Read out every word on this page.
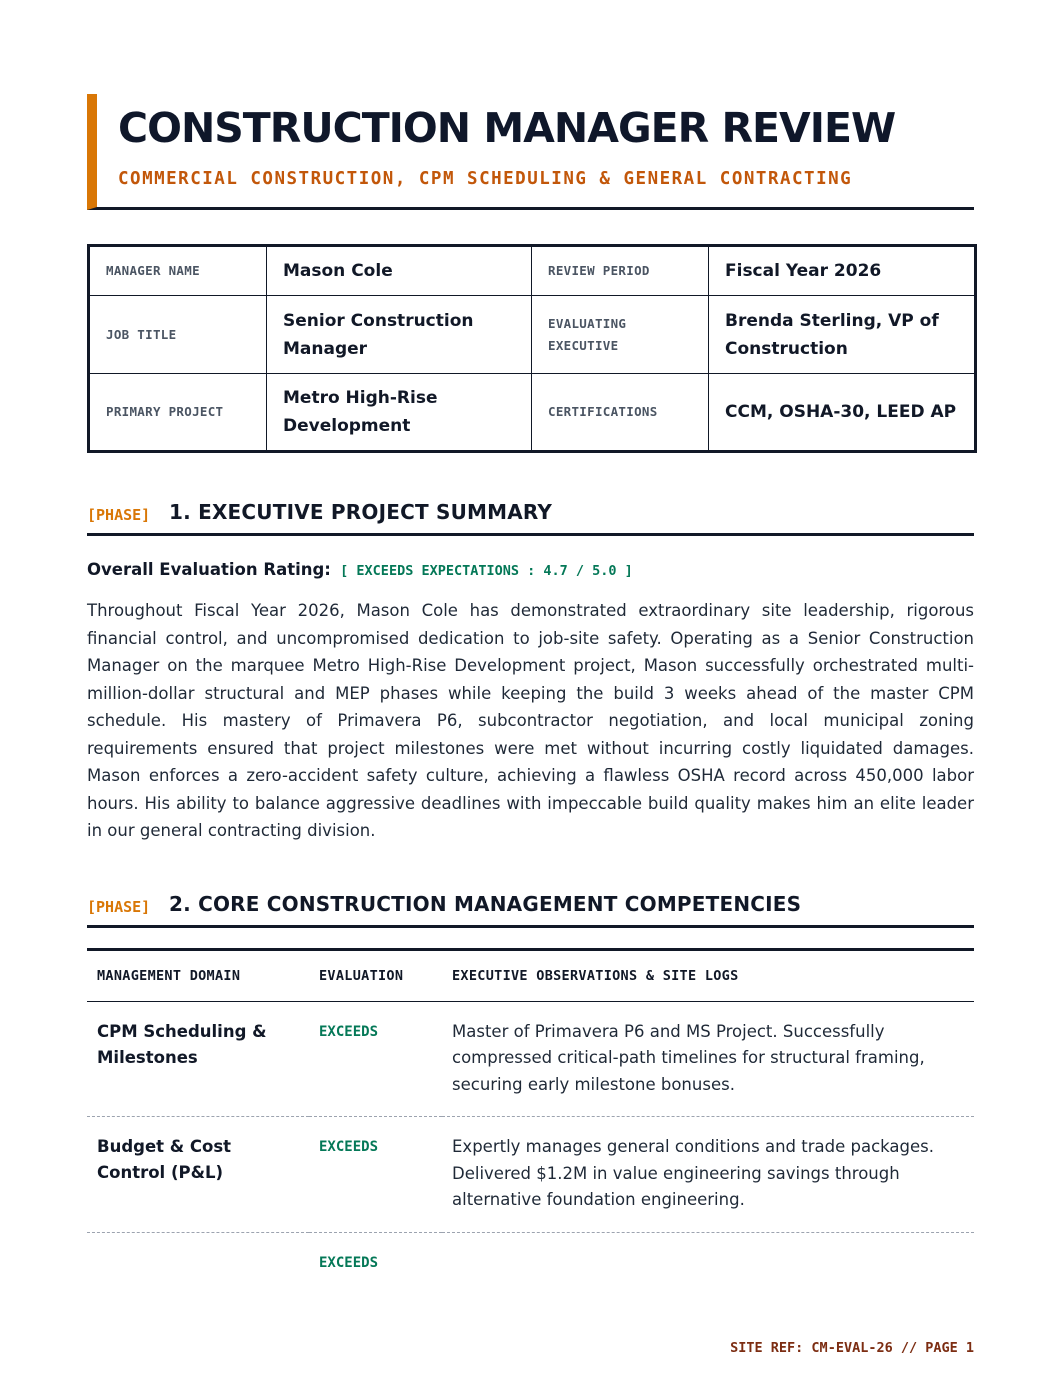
CONSTRUCTION MANAGER REVIEW
COMMERCIAL CONSTRUCTION, CPM SCHEDULING & GENERAL CONTRACTING
MANAGER NAME	Mason Cole	REVIEW PERIOD	Fiscal Year 2026
JOB TITLE	Senior Construction Manager	EVALUATING EXECUTIVE	Brenda Sterling, VP of Construction
PRIMARY PROJECT	Metro High-Rise Development	CERTIFICATIONS	CCM, OSHA-30, LEED AP
[PHASE] 1. EXECUTIVE PROJECT SUMMARY
Overall Evaluation Rating: [ EXCEEDS EXPECTATIONS : 4.7 / 5.0 ]

Throughout Fiscal Year 2026, Mason Cole has demonstrated extraordinary site leadership, rigorous financial control, and uncompromised dedication to job-site safety. Operating as a Senior Construction Manager on the marquee Metro High-Rise Development project, Mason successfully orchestrated multi-million-dollar structural and MEP phases while keeping the build 3 weeks ahead of the master CPM schedule. His mastery of Primavera P6, subcontractor negotiation, and local municipal zoning requirements ensured that project milestones were met without incurring costly liquidated damages. Mason enforces a zero-accident safety culture, achieving a flawless OSHA record across 450,000 labor hours. His ability to balance aggressive deadlines with impeccable build quality makes him an elite leader in our general contracting division.

[PHASE] 2. CORE CONSTRUCTION MANAGEMENT COMPETENCIES
MANAGEMENT DOMAIN	EVALUATION	EXECUTIVE OBSERVATIONS & SITE LOGS
CPM Scheduling & Milestones	EXCEEDS	Master of Primavera P6 and MS Project. Successfully compressed critical-path timelines for structural framing, securing early milestone bonuses.
Budget & Cost Control (P&L)	EXCEEDS	Expertly manages general conditions and trade packages. Delivered $1.2M in value engineering savings through alternative foundation engineering.
	EXCEEDS	
SITE REF: CM-EVAL-26 // PAGE 1
